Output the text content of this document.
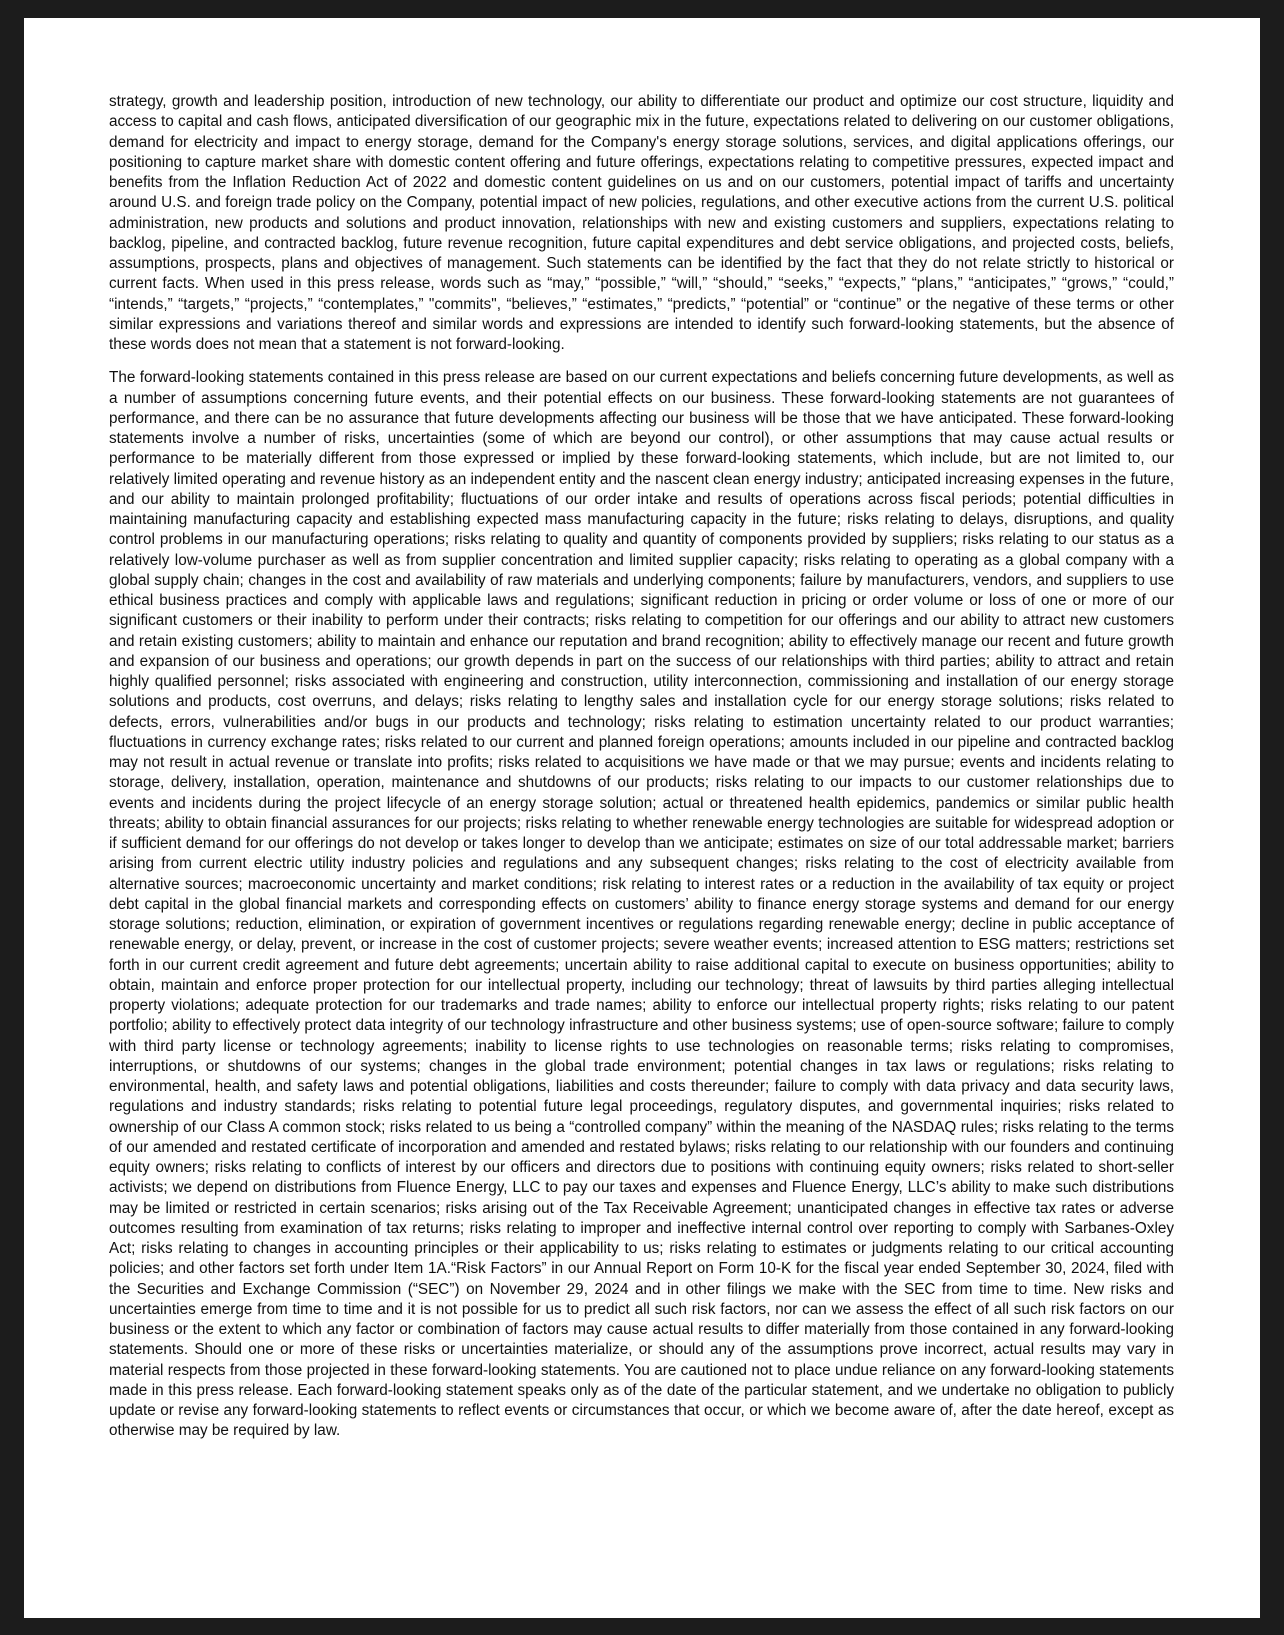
strategy, growth and leadership position, introduction of new technology, our ability to differentiate our product and optimize our cost structure, liquidity and access to capital and cash flows, anticipated diversification of our geographic mix in the future, expectations related to delivering on our customer obligations, demand for electricity and impact to energy storage, demand for the Company's energy storage solutions, services, and digital applications offerings, our positioning to capture market share with domestic content offering and future offerings, expectations relating to competitive pressures, expected impact and benefits from the Inflation Reduction Act of 2022 and domestic content guidelines on us and on our customers, potential impact of tariffs and uncertainty around U.S. and foreign trade policy on the Company, potential impact of new policies, regulations, and other executive actions from the current U.S. political administration, new products and solutions and product innovation, relationships with new and existing customers and suppliers, expectations relating to backlog, pipeline, and contracted backlog, future revenue recognition, future capital expenditures and debt service obligations, and projected costs, beliefs, assumptions, prospects, plans and objectives of management. Such statements can be identified by the fact that they do not relate strictly to historical or current facts. When used in this press release, words such as “may,” “possible,” “will,” “should,” “seeks,” “expects,” “plans,” “anticipates,” “grows,” “could,” “intends,” “targets,” “projects,” “contemplates,” "commits", “believes,” “estimates,” “predicts,” “potential” or “continue” or the negative of these terms or other similar expressions and variations thereof and similar words and expressions are intended to identify such forward-looking statements, but the absence of these words does not mean that a statement is not forward-looking.

The forward-looking statements contained in this press release are based on our current expectations and beliefs concerning future developments, as well as a number of assumptions concerning future events, and their potential effects on our business. These forward-looking statements are not guarantees of performance, and there can be no assurance that future developments affecting our business will be those that we have anticipated. These forward-looking statements involve a number of risks, uncertainties (some of which are beyond our control), or other assumptions that may cause actual results or performance to be materially different from those expressed or implied by these forward-looking statements, which include, but are not limited to, our relatively limited operating and revenue history as an independent entity and the nascent clean energy industry; anticipated increasing expenses in the future, and our ability to maintain prolonged profitability; fluctuations of our order intake and results of operations across fiscal periods; potential difficulties in maintaining manufacturing capacity and establishing expected mass manufacturing capacity in the future; risks relating to delays, disruptions, and quality control problems in our manufacturing operations; risks relating to quality and quantity of components provided by suppliers; risks relating to our status as a relatively low-volume purchaser as well as from supplier concentration and limited supplier capacity; risks relating to operating as a global company with a global supply chain; changes in the cost and availability of raw materials and underlying components; failure by manufacturers, vendors, and suppliers to use ethical business practices and comply with applicable laws and regulations; significant reduction in pricing or order volume or loss of one or more of our significant customers or their inability to perform under their contracts; risks relating to competition for our offerings and our ability to attract new customers and retain existing customers; ability to maintain and enhance our reputation and brand recognition; ability to effectively manage our recent and future growth and expansion of our business and operations; our growth depends in part on the success of our relationships with third parties; ability to attract and retain highly qualified personnel; risks associated with engineering and construction, utility interconnection, commissioning and installation of our energy storage solutions and products, cost overruns, and delays; risks relating to lengthy sales and installation cycle for our energy storage solutions; risks related to defects, errors, vulnerabilities and/or bugs in our products and technology; risks relating to estimation uncertainty related to our product warranties; fluctuations in currency exchange rates; risks related to our current and planned foreign operations; amounts included in our pipeline and contracted backlog may not result in actual revenue or translate into profits; risks related to acquisitions we have made or that we may pursue; events and incidents relating to storage, delivery, installation, operation, maintenance and shutdowns of our products; risks relating to our impacts to our customer relationships due to events and incidents during the project lifecycle of an energy storage solution; actual or threatened health epidemics, pandemics or similar public health threats; ability to obtain financial assurances for our projects; risks relating to whether renewable energy technologies are suitable for widespread adoption or if sufficient demand for our offerings do not develop or takes longer to develop than we anticipate; estimates on size of our total addressable market; barriers arising from current electric utility industry policies and regulations and any subsequent changes; risks relating to the cost of electricity available from alternative sources; macroeconomic uncertainty and market conditions; risk relating to interest rates or a reduction in the availability of tax equity or project debt capital in the global financial markets and corresponding effects on customers’ ability to finance energy storage systems and demand for our energy storage solutions; reduction, elimination, or expiration of government incentives or regulations regarding renewable energy; decline in public acceptance of renewable energy, or delay, prevent, or increase in the cost of customer projects; severe weather events; increased attention to ESG matters; restrictions set forth in our current credit agreement and future debt agreements; uncertain ability to raise additional capital to execute on business opportunities; ability to obtain, maintain and enforce proper protection for our intellectual property, including our technology; threat of lawsuits by third parties alleging intellectual property violations; adequate protection for our trademarks and trade names; ability to enforce our intellectual property rights; risks relating to our patent portfolio; ability to effectively protect data integrity of our technology infrastructure and other business systems; use of open-source software; failure to comply with third party license or technology agreements; inability to license rights to use technologies on reasonable terms; risks relating to compromises, interruptions, or shutdowns of our systems; changes in the global trade environment; potential changes in tax laws or regulations; risks relating to environmental, health, and safety laws and potential obligations, liabilities and costs thereunder; failure to comply with data privacy and data security laws, regulations and industry standards; risks relating to potential future legal proceedings, regulatory disputes, and governmental inquiries; risks related to ownership of our Class A common stock; risks related to us being a “controlled company” within the meaning of the NASDAQ rules; risks relating to the terms of our amended and restated certificate of incorporation and amended and restated bylaws; risks relating to our relationship with our founders and continuing equity owners; risks relating to conflicts of interest by our officers and directors due to positions with continuing equity owners; risks related to short-seller activists; we depend on distributions from Fluence Energy, LLC to pay our taxes and expenses and Fluence Energy, LLC’s ability to make such distributions may be limited or restricted in certain scenarios; risks arising out of the Tax Receivable Agreement; unanticipated changes in effective tax rates or adverse outcomes resulting from examination of tax returns; risks relating to improper and ineffective internal control over reporting to comply with Sarbanes-Oxley Act; risks relating to changes in accounting principles or their applicability to us; risks relating to estimates or judgments relating to our critical accounting policies; and other factors set forth under Item 1A.“Risk Factors” in our Annual Report on Form 10-K for the fiscal year ended September 30, 2024, filed with the Securities and Exchange Commission (“SEC”) on November 29, 2024 and in other filings we make with the SEC from time to time. New risks and uncertainties emerge from time to time and it is not possible for us to predict all such risk factors, nor can we assess the effect of all such risk factors on our business or the extent to which any factor or combination of factors may cause actual results to differ materially from those contained in any forward-looking statements. Should one or more of these risks or uncertainties materialize, or should any of the assumptions prove incorrect, actual results may vary in material respects from those projected in these forward-looking statements. You are cautioned not to place undue reliance on any forward-looking statements made in this press release. Each forward-looking statement speaks only as of the date of the particular statement, and we undertake no obligation to publicly update or revise any forward-looking statements to reflect events or circumstances that occur, or which we become aware of, after the date hereof, except as otherwise may be required by law.
